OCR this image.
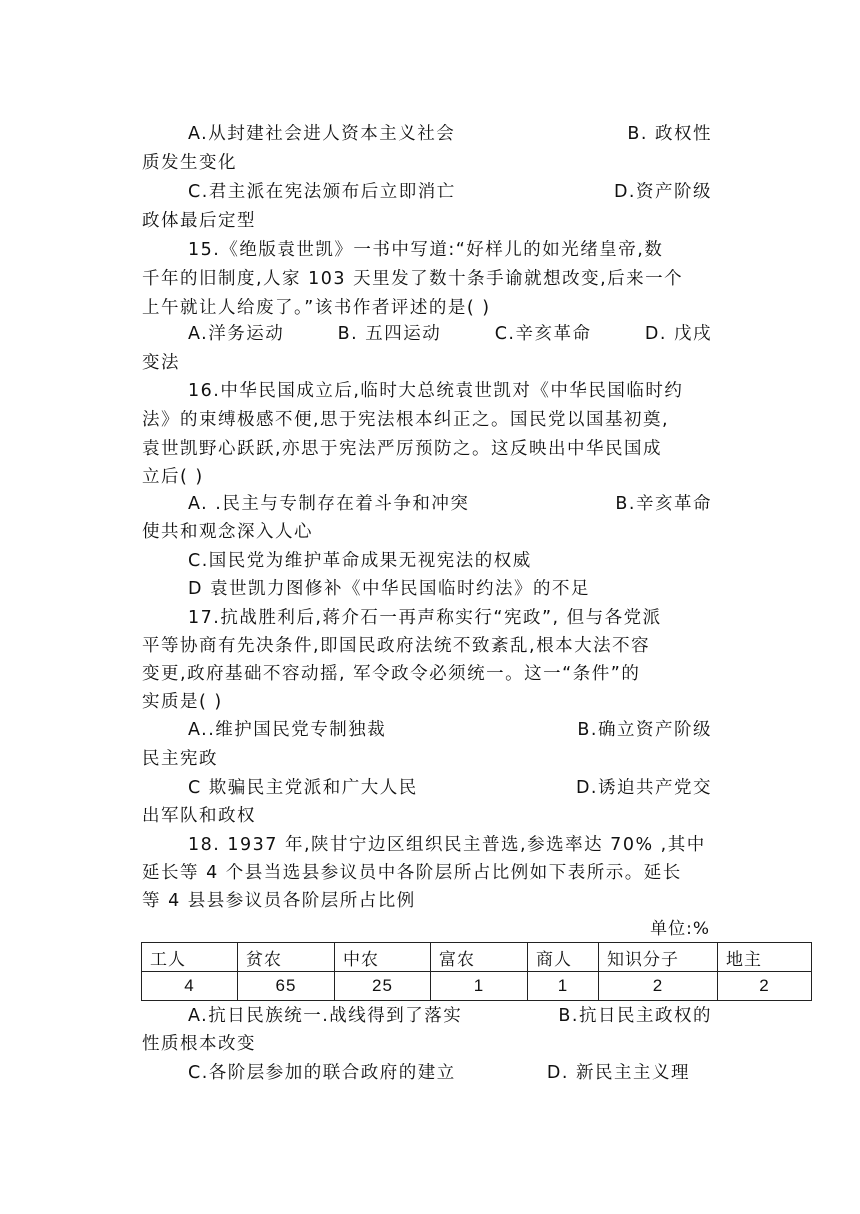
A.从封建社会进人资本主义社会	B. 政权性
质发生变化
C.君主派在宪法颁布后立即消亡	D.资产阶级
政体最后定型
15.《绝版袁世凯》一书中写道:“好样儿的如光绪皇帝,数
千年的旧制度,人家 103 天里发了数十条手谕就想改变,后来一个
上午就让人给废了。”该书作者评述的是( )
A.洋务运动	B. 五四运动	C.辛亥革命	D. 戊戌
变法
16.中华民国成立后,临时大总统袁世凯对《中华民国临时约
法》的束缚极感不便,思于宪法根本纠正之。国民党以国基初奠,
袁世凯野心跃跃,亦思于宪法严厉预防之。这反映出中华民国成
立后( )
A. .民主与专制存在着斗争和冲突	B.辛亥革命
使共和观念深入人心
C.国民党为维护革命成果无视宪法的权威
D 袁世凯力图修补《中华民国临时约法》的不足
17.抗战胜利后,蒋介石一再声称实行“宪政”, 但与各党派
平等协商有先决条件,即国民政府法统不致紊乱,根本大法不容
变更,政府基础不容动摇, 军令政令必须统一。这一“条件”的
实质是( )
A..维护国民党专制独裁	B.确立资产阶级
民主宪政
C 欺骗民主党派和广大人民	D.诱迫共产党交
出军队和政权
18. 1937 年,陕甘宁边区组织民主普选,参选率达 70% ,其中
延长等 4 个县当选县参议员中各阶层所占比例如下表所示。延长
等 4 县县参议员各阶层所占比例
单位:%
工人	贫农	中农	富农	商人	知识分子	地主
4	65	25	1	1	2	2
A.抗日民族统一.战线得到了落实	B.抗日民主政权的
性质根本改变
C.各阶层参加的联合政府的建立	D. 新民主主义理
